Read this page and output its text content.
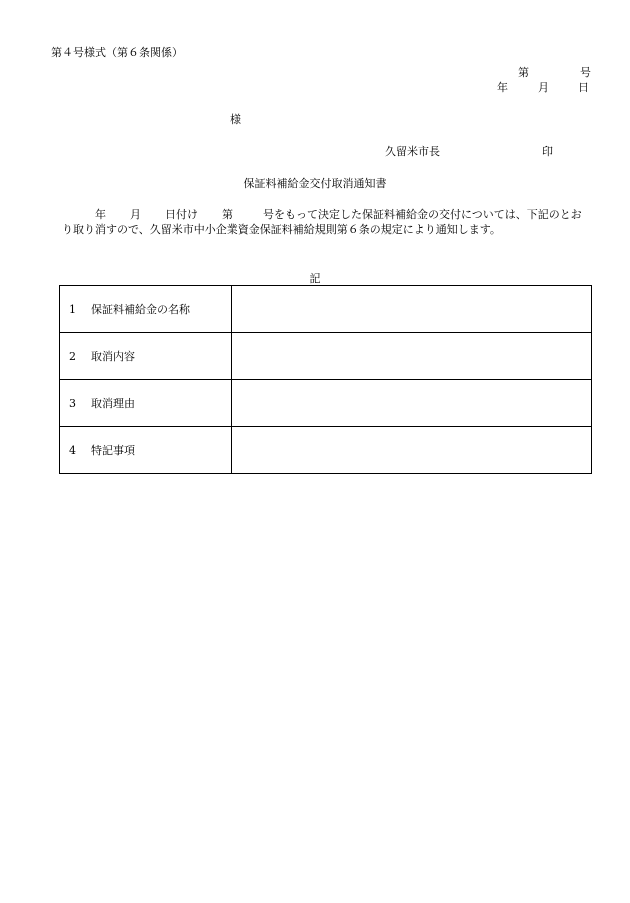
第４号様式（第６条関係）
第	号
年	月	日
様
久留米市長	印
保証料補給金交付取消通知書
年 月 日付け 第	号をもって決定した保証料補給金の交付については、下記のとおり取り消すので、久留米市中小企業資金保証料補給規則第６条の規定により通知します。
記
1 保証料補給金の名称	
2 取消内容	
3 取消理由	
4 特記事項	
